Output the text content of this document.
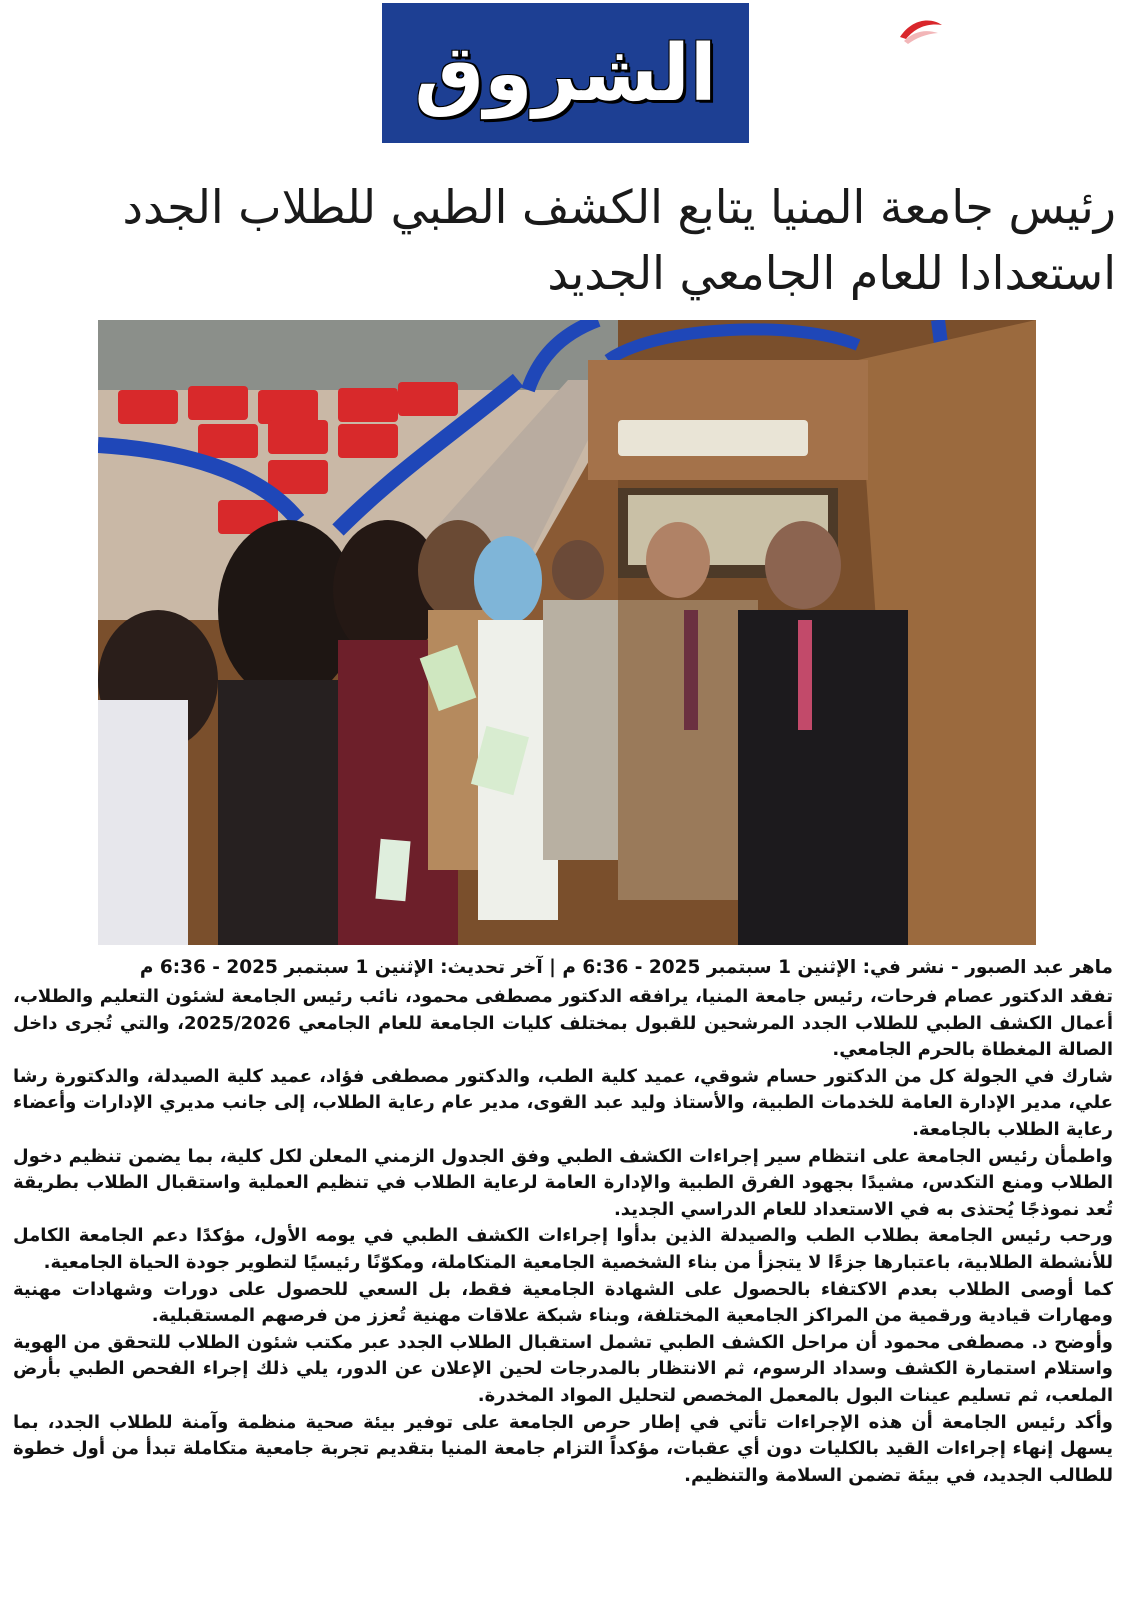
الشروق
رئيس جامعة المنيا يتابع الكشف الطبي للطلاب الجدد استعدادا للعام الجامعي الجديد
ماهر عبد الصبور - نشر في: الإثنين 1 سبتمبر 2025 - 6:36 م | آخر تحديث: الإثنين 1 سبتمبر 2025 - 6:36 م

تفقد الدكتور عصام فرحات، رئيس جامعة المنيا، يرافقه الدكتور مصطفى محمود، نائب رئيس الجامعة لشئون التعليم والطلاب، أعمال الكشف الطبي للطلاب الجدد المرشحين للقبول بمختلف كليات الجامعة للعام الجامعي 2025/2026، والتي تُجرى داخل الصالة المغطاة بالحرم الجامعي.

شارك في الجولة كل من الدكتور حسام شوقي، عميد كلية الطب، والدكتور مصطفى فؤاد، عميد كلية الصيدلة، والدكتورة رشا علي، مدير الإدارة العامة للخدمات الطبية، والأستاذ وليد عبد القوى، مدير عام رعاية الطلاب، إلى جانب مديري الإدارات وأعضاء رعاية الطلاب بالجامعة.

واطمأن رئيس الجامعة على انتظام سير إجراءات الكشف الطبي وفق الجدول الزمني المعلن لكل كلية، بما يضمن تنظيم دخول الطلاب ومنع التكدس، مشيدًا بجهود الفرق الطبية والإدارة العامة لرعاية الطلاب في تنظيم العملية واستقبال الطلاب بطريقة تُعد نموذجًا يُحتذى به في الاستعداد للعام الدراسي الجديد.

ورحب رئيس الجامعة بطلاب الطب والصيدلة الذين بدأوا إجراءات الكشف الطبي في يومه الأول، مؤكدًا دعم الجامعة الكامل للأنشطة الطلابية، باعتبارها جزءًا لا يتجزأ من بناء الشخصية الجامعية المتكاملة، ومكوّنًا رئيسيًا لتطوير جودة الحياة الجامعية.

كما أوصى الطلاب بعدم الاكتفاء بالحصول على الشهادة الجامعية فقط، بل السعي للحصول على دورات وشهادات مهنية ومهارات قيادية ورقمية من المراكز الجامعية المختلفة، وبناء شبكة علاقات مهنية تُعزز من فرصهم المستقبلية.

وأوضح د. مصطفى محمود أن مراحل الكشف الطبي تشمل استقبال الطلاب الجدد عبر مكتب شئون الطلاب للتحقق من الهوية واستلام استمارة الكشف وسداد الرسوم، ثم الانتظار بالمدرجات لحين الإعلان عن الدور، يلي ذلك إجراء الفحص الطبي بأرض الملعب، ثم تسليم عينات البول بالمعمل المخصص لتحليل المواد المخدرة.

وأكد رئيس الجامعة أن هذه الإجراءات تأتي في إطار حرص الجامعة على توفير بيئة صحية منظمة وآمنة للطلاب الجدد، بما يسهل إنهاء إجراءات القيد بالكليات دون أي عقبات، مؤكداً التزام جامعة المنيا بتقديم تجربة جامعية متكاملة تبدأ من أول خطوة للطالب الجديد، في بيئة تضمن السلامة والتنظيم.
